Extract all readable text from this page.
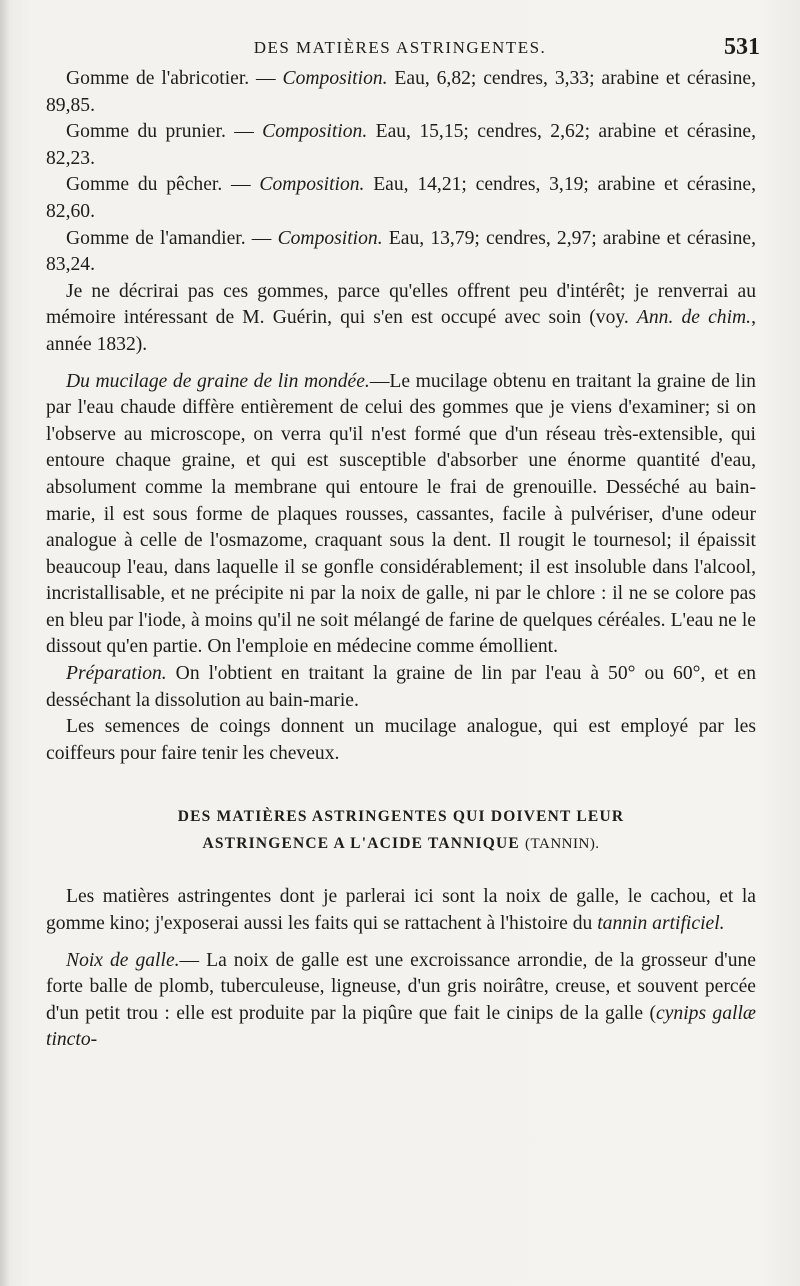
DES MATIÈRES ASTRINGENTES.	531

Gomme de l'abricotier. — Composition. Eau, 6,82; cendres, 3,33; arabine et cérasine, 89,85.

Gomme du prunier. — Composition. Eau, 15,15; cendres, 2,62; arabine et cérasine, 82,23.

Gomme du pêcher. — Composition. Eau, 14,21; cendres, 3,19; arabine et cérasine, 82,60.

Gomme de l'amandier. — Composition. Eau, 13,79; cendres, 2,97; arabine et cérasine, 83,24.

Je ne décrirai pas ces gommes, parce qu'elles offrent peu d'intérêt; je renverrai au mémoire intéressant de M. Guérin, qui s'en est occupé avec soin (voy. Ann. de chim., année 1832).

Du mucilage de graine de lin mondée.—Le mucilage obtenu en traitant la graine de lin par l'eau chaude diffère entièrement de celui des gommes que je viens d'examiner; si on l'observe au microscope, on verra qu'il n'est formé que d'un réseau très-extensible, qui entoure chaque graine, et qui est susceptible d'absorber une énorme quantité d'eau, absolument comme la membrane qui entoure le frai de grenouille. Desséché au bain-marie, il est sous forme de plaques rousses, cassantes, facile à pulvériser, d'une odeur analogue à celle de l'osmazome, craquant sous la dent. Il rougit le tournesol; il épaissit beaucoup l'eau, dans laquelle il se gonfle considérablement; il est insoluble dans l'alcool, incristallisable, et ne précipite ni par la noix de galle, ni par le chlore : il ne se colore pas en bleu par l'iode, à moins qu'il ne soit mélangé de farine de quelques céréales. L'eau ne le dissout qu'en partie. On l'emploie en médecine comme émollient.

Préparation. On l'obtient en traitant la graine de lin par l'eau à 50° ou 60°, et en desséchant la dissolution au bain-marie.

Les semences de coings donnent un mucilage analogue, qui est employé par les coiffeurs pour faire tenir les cheveux.

DES MATIÈRES ASTRINGENTES QUI DOIVENT LEUR
ASTRINGENCE A L'ACIDE TANNIQUE (TANNIN).

Les matières astringentes dont je parlerai ici sont la noix de galle, le cachou, et la gomme kino; j'exposerai aussi les faits qui se rattachent à l'histoire du tannin artificiel.

Noix de galle.— La noix de galle est une excroissance arrondie, de la grosseur d'une forte balle de plomb, tuberculeuse, ligneuse, d'un gris noirâtre, creuse, et souvent percée d'un petit trou : elle est produite par la piqûre que fait le cinips de la galle (cynips gallæ tincto-
